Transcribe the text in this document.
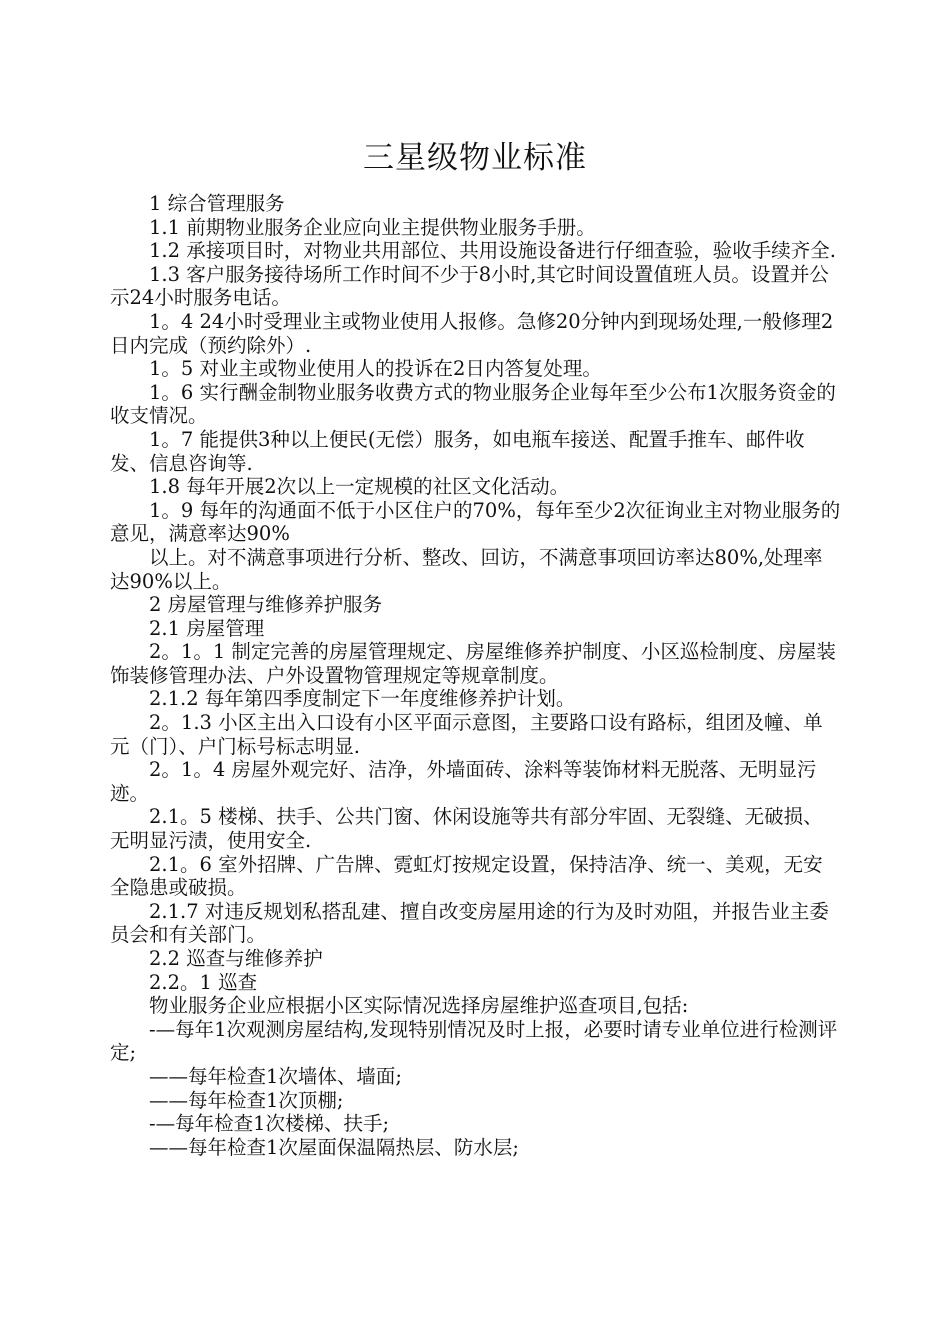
三星级物业标准

1 综合管理服务

1.1 前期物业服务企业应向业主提供物业服务手册。

1.2 承接项目时，对物业共用部位、共用设施设备进行仔细查验，验收手续齐全.

1.3 客户服务接待场所工作时间不少于8小时,其它时间设置值班人员。设置并公示24小时服务电话。

1。4 24小时受理业主或物业使用人报修。急修20分钟内到现场处理,一般修理2日内完成（预约除外）.

1。5 对业主或物业使用人的投诉在2日内答复处理。

1。6 实行酬金制物业服务收费方式的物业服务企业每年至少公布1次服务资金的收支情况。

1。7 能提供3种以上便民(无偿）服务，如电瓶车接送、配置手推车、邮件收发、信息咨询等.

1.8 每年开展2次以上一定规模的社区文化活动。

1。9 每年的沟通面不低于小区住户的70%，每年至少2次征询业主对物业服务的意见，满意率达90%

以上。对不满意事项进行分析、整改、回访，不满意事项回访率达80%,处理率达90%以上。

2 房屋管理与维修养护服务

2.1 房屋管理

2。1。1 制定完善的房屋管理规定、房屋维修养护制度、小区巡检制度、房屋装饰装修管理办法、户外设置物管理规定等规章制度。

2.1.2 每年第四季度制定下一年度维修养护计划。

2。1.3 小区主出入口设有小区平面示意图，主要路口设有路标，组团及幢、单元（门）、户门标号标志明显.

2。1。4 房屋外观完好、洁净，外墙面砖、涂料等装饰材料无脱落、无明显污迹。

2.1。5 楼梯、扶手、公共门窗、休闲设施等共有部分牢固、无裂缝、无破损、无明显污渍，使用安全.

2.1。6 室外招牌、广告牌、霓虹灯按规定设置，保持洁净、统一、美观，无安全隐患或破损。

2.1.7 对违反规划私搭乱建、擅自改变房屋用途的行为及时劝阻，并报告业主委员会和有关部门。

2.2 巡查与维修养护

2.2。1 巡查

物业服务企业应根据小区实际情况选择房屋维护巡查项目,包括:

-—每年1次观测房屋结构,发现特别情况及时上报，必要时请专业单位进行检测评定;

——每年检查1次墙体、墙面;

——每年检查1次顶棚;

-—每年检查1次楼梯、扶手;

——每年检查1次屋面保温隔热层、防水层;
